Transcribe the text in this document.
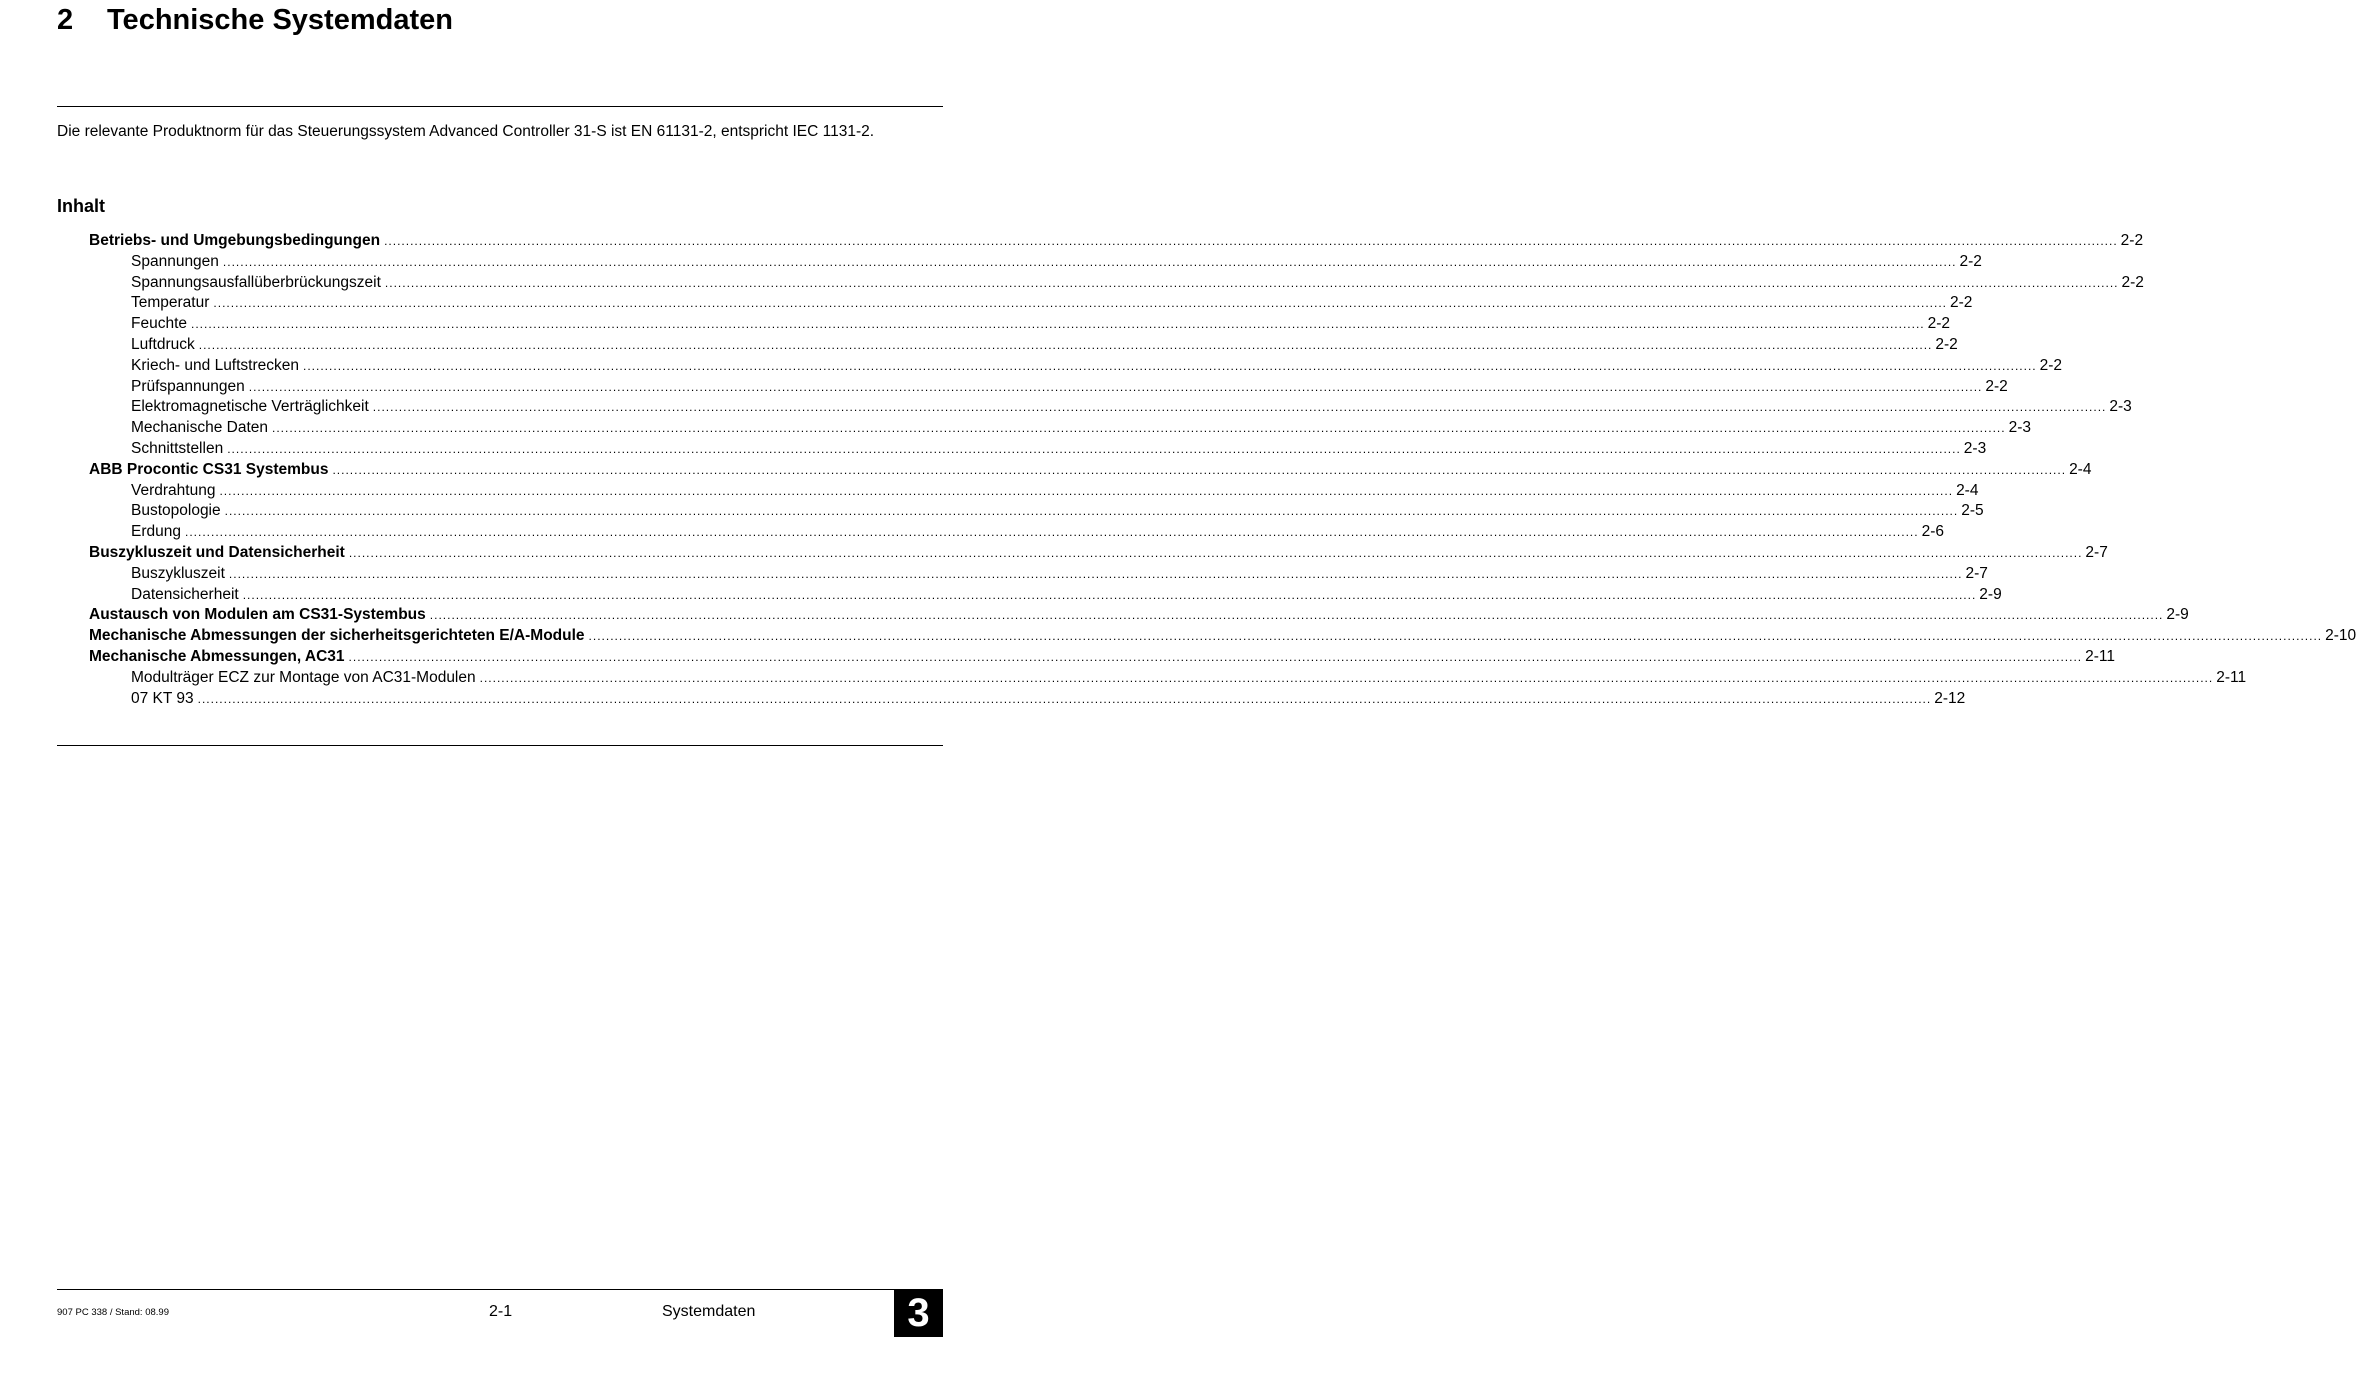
2 Technische Systemdaten
Die relevante Produktnorm für das Steuerungssystem Advanced Controller 31-S ist EN 61131-2, entspricht IEC 1131-2.
Inhalt
Betriebs- und Umgebungsbedingungen ................................................................................................................................................................................................................................................................................................................................................................................................................ 2-2
Spannungen ................................................................................................................................................................................................................................................................................................................................................................................................................ 2-2
Spannungsausfallüberbrückungszeit ................................................................................................................................................................................................................................................................................................................................................................................................................ 2-2
Temperatur ................................................................................................................................................................................................................................................................................................................................................................................................................ 2-2
Feuchte ................................................................................................................................................................................................................................................................................................................................................................................................................ 2-2
Luftdruck ................................................................................................................................................................................................................................................................................................................................................................................................................ 2-2
Kriech- und Luftstrecken ................................................................................................................................................................................................................................................................................................................................................................................................................ 2-2
Prüfspannungen ................................................................................................................................................................................................................................................................................................................................................................................................................ 2-2
Elektromagnetische Verträglichkeit ................................................................................................................................................................................................................................................................................................................................................................................................................ 2-3
Mechanische Daten ................................................................................................................................................................................................................................................................................................................................................................................................................ 2-3
Schnittstellen ................................................................................................................................................................................................................................................................................................................................................................................................................ 2-3
ABB Procontic CS31 Systembus ................................................................................................................................................................................................................................................................................................................................................................................................................ 2-4
Verdrahtung ................................................................................................................................................................................................................................................................................................................................................................................................................ 2-4
Bustopologie ................................................................................................................................................................................................................................................................................................................................................................................................................ 2-5
Erdung ................................................................................................................................................................................................................................................................................................................................................................................................................ 2-6
Buszykluszeit und Datensicherheit ................................................................................................................................................................................................................................................................................................................................................................................................................ 2-7
Buszykluszeit ................................................................................................................................................................................................................................................................................................................................................................................................................ 2-7
Datensicherheit ................................................................................................................................................................................................................................................................................................................................................................................................................ 2-9
Austausch von Modulen am CS31-Systembus ................................................................................................................................................................................................................................................................................................................................................................................................................ 2-9
Mechanische Abmessungen der sicherheitsgerichteten E/A-Module ................................................................................................................................................................................................................................................................................................................................................................................................................ 2-10
Mechanische Abmessungen, AC31 ................................................................................................................................................................................................................................................................................................................................................................................................................ 2-11
Modulträger ECZ zur Montage von AC31-Modulen ................................................................................................................................................................................................................................................................................................................................................................................................................ 2-11
07 KT 93 ................................................................................................................................................................................................................................................................................................................................................................................................................ 2-12
907 PC 338 / Stand: 08.99	2-1	Systemdaten	3
